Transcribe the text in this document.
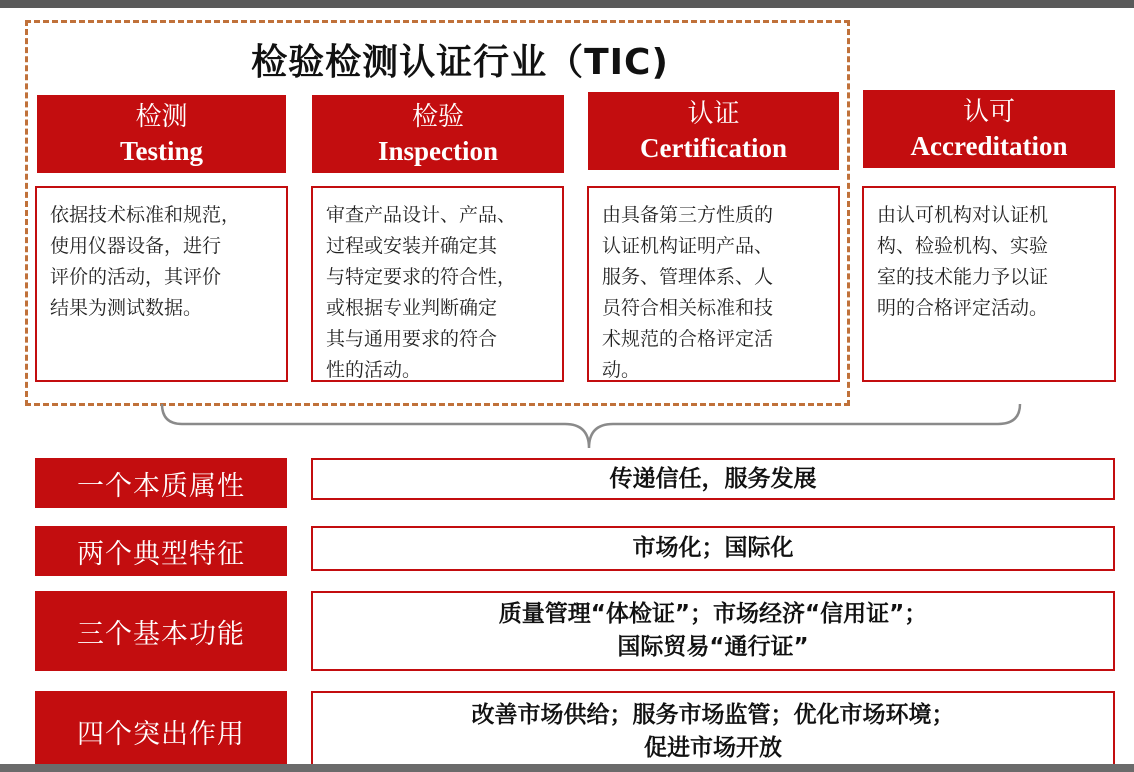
检验检测认证行业（TIC)
检测
Testing
检验
Inspection
认证
Certification
认可
Accreditation
依据技术标准和规范，
使用仪器设备，进行
评价的活动，其评价
结果为测试数据。
审查产品设计、产品、
过程或安装并确定其
与特定要求的符合性，
或根据专业判断确定
其与通用要求的符合
性的活动。
由具备第三方性质的
认证机构证明产品、
服务、管理体系、人
员符合相关标准和技
术规范的合格评定活
动。
由认可机构对认证机
构、检验机构、实验
室的技术能力予以证
明的合格评定活动。
一个本质属性	传递信任，服务发展
两个典型特征	市场化；国际化
三个基本功能
质量管理“体检证”；市场经济“信用证”；
国际贸易“通行证”
四个突出作用
改善市场供给；服务市场监管；优化市场环境；
促进市场开放
